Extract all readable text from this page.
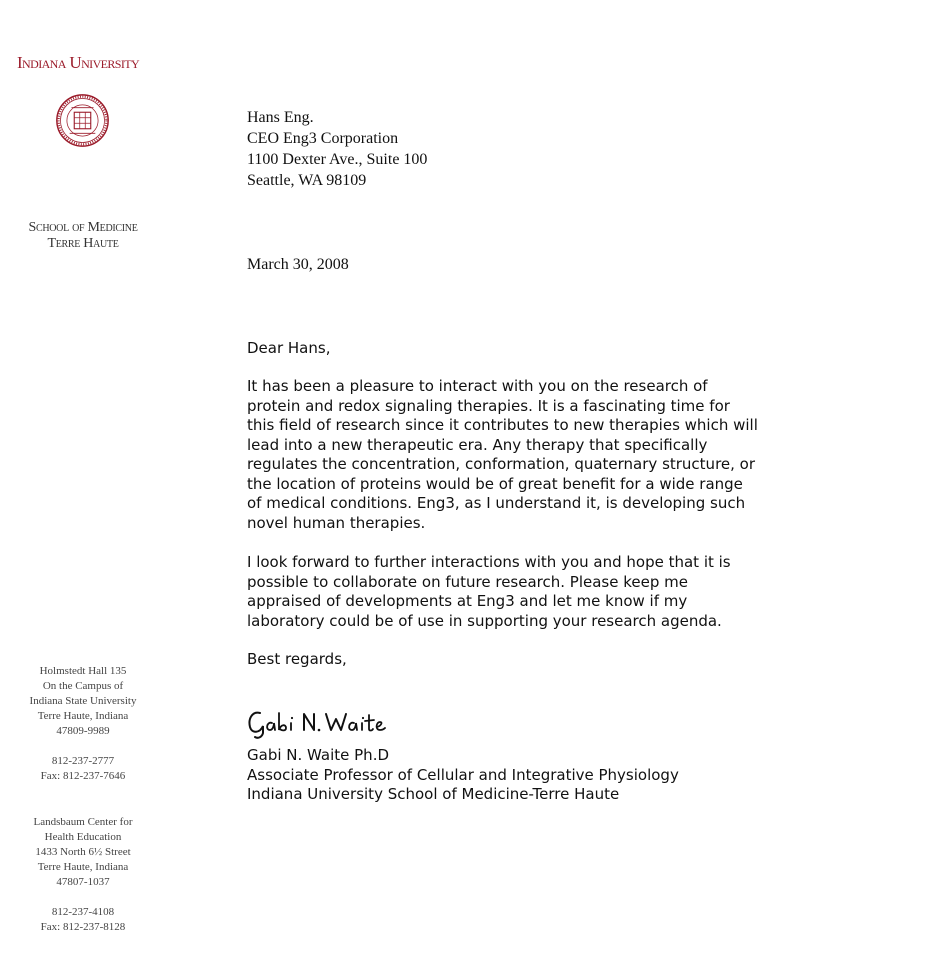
Indiana University
School of Medicine
Terre Haute
Holmstedt Hall 135
On the Campus of
Indiana State University
Terre Haute, Indiana
47809-9989
812-237-2777
Fax: 812-237-7646
Landsbaum Center for
Health Education
1433 North 6½ Street
Terre Haute, Indiana
47807-1037
812-237-4108
Fax: 812-237-8128
Hans Eng.
CEO Eng3 Corporation
1100 Dexter Ave., Suite 100
Seattle, WA 98109
March 30, 2008
Dear Hans,
It has been a pleasure to interact with you on the research of
protein and redox signaling therapies. It is a fascinating time for
this field of research since it contributes to new therapies which will
lead into a new therapeutic era. Any therapy that specifically
regulates the concentration, conformation, quaternary structure, or
the location of proteins would be of great benefit for a wide range
of medical conditions. Eng3, as I understand it, is developing such
novel human therapies.
I look forward to further interactions with you and hope that it is
possible to collaborate on future research. Please keep me
appraised of developments at Eng3 and let me know if my
laboratory could be of use in supporting your research agenda.
Best regards,
Gabi N. Waite Ph.D
Associate Professor of Cellular and Integrative Physiology
Indiana University School of Medicine-Terre Haute
